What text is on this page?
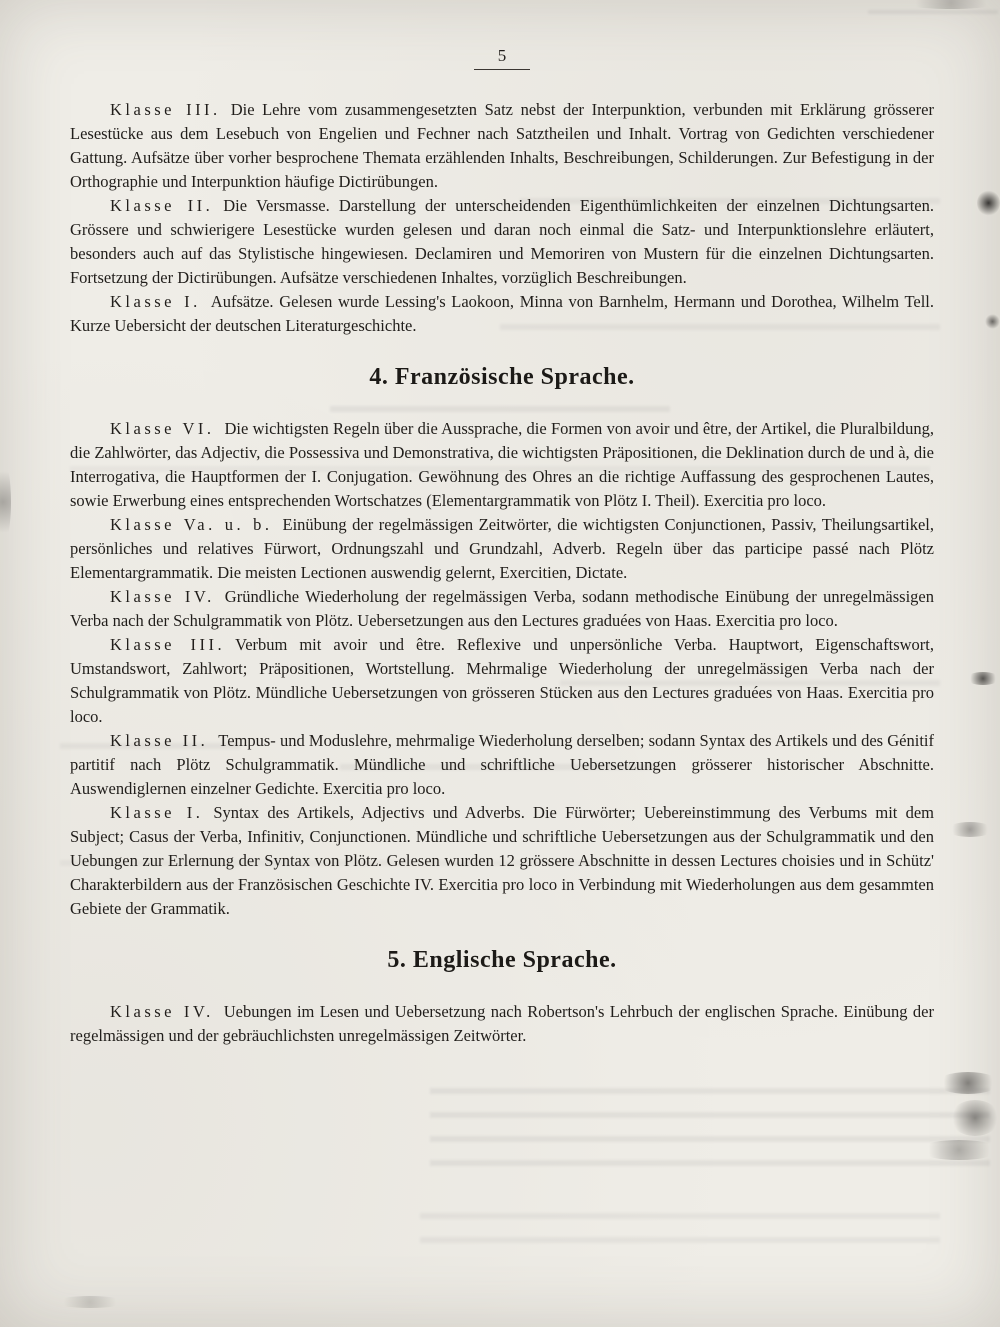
5

Klasse III. Die Lehre vom zusammengesetzten Satz nebst der Interpunktion, verbunden mit Erklärung grösserer Lesestücke aus dem Lesebuch von Engelien und Fechner nach Satztheilen und Inhalt. Vortrag von Gedichten verschiedener Gattung. Aufsätze über vorher besprochene Themata erzählenden Inhalts, Beschreibungen, Schilderungen. Zur Befestigung in der Orthographie und Interpunktion häufige Dictirübungen.

Klasse II. Die Versmasse. Darstellung der unterscheidenden Eigenthümlichkeiten der einzelnen Dichtungsarten. Grössere und schwierigere Lesestücke wurden gelesen und daran noch einmal die Satz- und Interpunktionslehre erläutert, besonders auch auf das Stylistische hingewiesen. Declamiren und Memoriren von Mustern für die einzelnen Dichtungsarten. Fortsetzung der Dictirübungen. Aufsätze verschiedenen Inhaltes, vorzüglich Beschreibungen.

Klasse I. Aufsätze. Gelesen wurde Lessing's Laokoon, Minna von Barnhelm, Hermann und Dorothea, Wilhelm Tell. Kurze Uebersicht der deutschen Literaturgeschichte.

4. Französische Sprache.

Klasse VI. Die wichtigsten Regeln über die Aussprache, die Formen von avoir und être, der Artikel, die Pluralbildung, die Zahlwörter, das Adjectiv, die Possessiva und Demonstrativa, die wichtigsten Präpositionen, die Deklination durch de und à, die Interrogativa, die Hauptformen der I. Conjugation. Gewöhnung des Ohres an die richtige Auffassung des gesprochenen Lautes, sowie Erwerbung eines entsprechenden Wortschatzes (Elementargrammatik von Plötz I. Theil). Exercitia pro loco.

Klasse Va. u. b. Einübung der regelmässigen Zeitwörter, die wichtigsten Conjunctionen, Passiv, Theilungsartikel, persönliches und relatives Fürwort, Ordnungszahl und Grundzahl, Adverb. Regeln über das participe passé nach Plötz Elementargrammatik. Die meisten Lectionen auswendig gelernt, Exercitien, Dictate.

Klasse IV. Gründliche Wiederholung der regelmässigen Verba, sodann methodische Einübung der unregelmässigen Verba nach der Schulgrammatik von Plötz. Uebersetzungen aus den Lectures graduées von Haas. Exercitia pro loco.

Klasse III. Verbum mit avoir und être. Reflexive und unpersönliche Verba. Hauptwort, Eigenschaftswort, Umstandswort, Zahlwort; Präpositionen, Wortstellung. Mehrmalige Wiederholung der unregelmässigen Verba nach der Schulgrammatik von Plötz. Mündliche Uebersetzungen von grösseren Stücken aus den Lectures graduées von Haas. Exercitia pro loco.

Klasse II. Tempus- und Moduslehre, mehrmalige Wiederholung derselben; sodann Syntax des Artikels und des Génitif partitif nach Plötz Schulgrammatik. Mündliche und schriftliche Uebersetzungen grösserer historischer Abschnitte. Auswendiglernen einzelner Gedichte. Exercitia pro loco.

Klasse I. Syntax des Artikels, Adjectivs und Adverbs. Die Fürwörter; Uebereinstimmung des Verbums mit dem Subject; Casus der Verba, Infinitiv, Conjunctionen. Mündliche und schriftliche Uebersetzungen aus der Schulgrammatik und den Uebungen zur Erlernung der Syntax von Plötz. Gelesen wurden 12 grössere Abschnitte in dessen Lectures choisies und in Schütz' Charakterbildern aus der Französischen Geschichte IV. Exercitia pro loco in Verbindung mit Wiederholungen aus dem gesammten Gebiete der Grammatik.

5. Englische Sprache.

Klasse IV. Uebungen im Lesen und Uebersetzung nach Robertson's Lehrbuch der englischen Sprache. Einübung der regelmässigen und der gebräuchlichsten unregelmässigen Zeitwörter.
